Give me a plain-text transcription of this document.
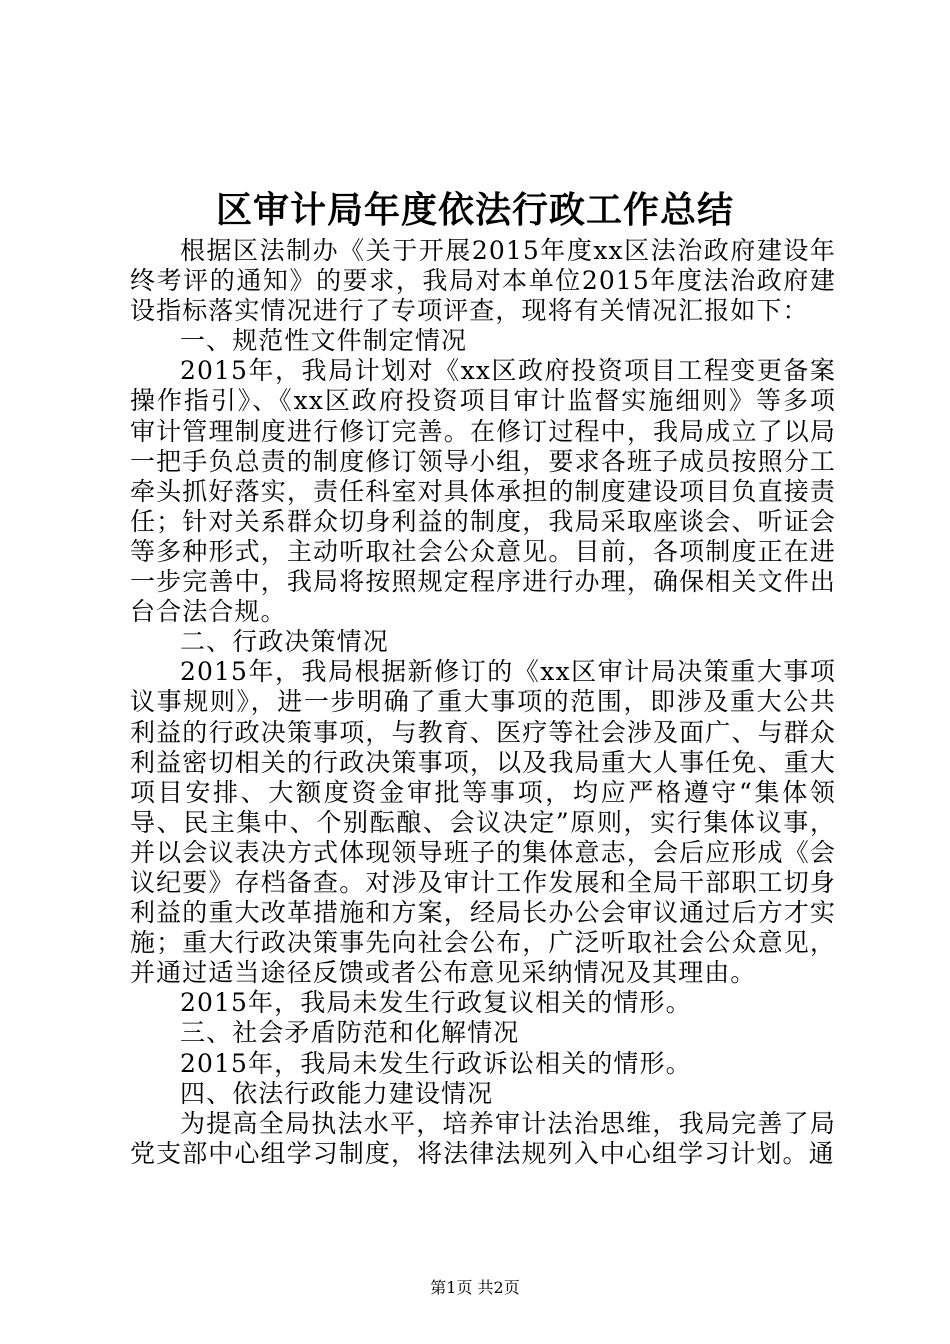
区审计局年度依法行政工作总结

根据区法制办《关于开展2015年度xx区法治政府建设年终考评的通知》的要求，我局对本单位2015年度法治政府建设指标落实情况进行了专项评查，现将有关情况汇报如下：

一、规范性文件制定情况

2015年，我局计划对《xx区政府投资项目工程变更备案操作指引》、《xx区政府投资项目审计监督实施细则》等多项审计管理制度进行修订完善。在修订过程中，我局成立了以局一把手负总责的制度修订领导小组，要求各班子成员按照分工牵头抓好落实，责任科室对具体承担的制度建设项目负直接责任；针对关系群众切身利益的制度，我局采取座谈会、听证会等多种形式，主动听取社会公众意见。目前，各项制度正在进一步完善中，我局将按照规定程序进行办理，确保相关文件出台合法合规。

二、行政决策情况

2015年，我局根据新修订的《xx区审计局决策重大事项议事规则》，进一步明确了重大事项的范围，即涉及重大公共利益的行政决策事项，与教育、医疗等社会涉及面广、与群众利益密切相关的行政决策事项，以及我局重大人事任免、重大项目安排、大额度资金审批等事项，均应严格遵守“集体领导、民主集中、个别酝酿、会议决定”原则，实行集体议事，并以会议表决方式体现领导班子的集体意志，会后应形成《会议纪要》存档备查。对涉及审计工作发展和全局干部职工切身利益的重大改革措施和方案，经局长办公会审议通过后方才实施；重大行政决策事先向社会公布，广泛听取社会公众意见，并通过适当途径反馈或者公布意见采纳情况及其理由。

2015年，我局未发生行政复议相关的情形。

三、社会矛盾防范和化解情况

2015年，我局未发生行政诉讼相关的情形。

四、依法行政能力建设情况

为提高全局执法水平，培养审计法治思维，我局完善了局党支部中心组学习制度，将法律法规列入中心组学习计划。通

第1页 共2页
